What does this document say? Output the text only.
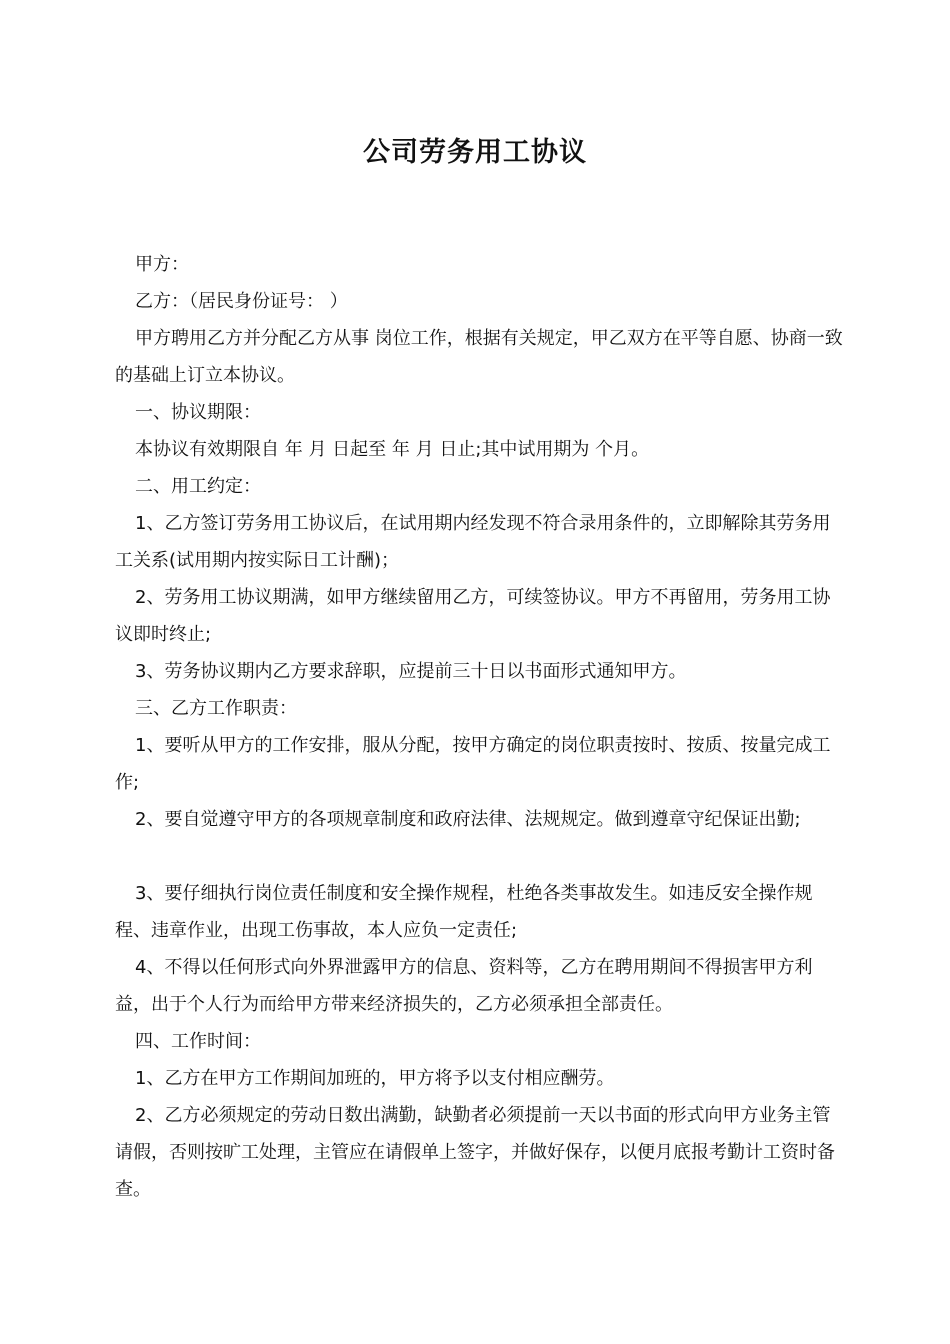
公司劳务用工协议

甲方：

乙方：（居民身份证号： ）

甲方聘用乙方并分配乙方从事 岗位工作，根据有关规定，甲乙双方在平等自愿、协商一致的基础上订立本协议。

一、协议期限：

本协议有效期限自 年 月 日起至 年 月 日止;其中试用期为 个月。

二、用工约定：

1、乙方签订劳务用工协议后，在试用期内经发现不符合录用条件的，立即解除其劳务用工关系(试用期内按实际日工计酬)；

2、劳务用工协议期满，如甲方继续留用乙方，可续签协议。甲方不再留用，劳务用工协议即时终止;

3、劳务协议期内乙方要求辞职，应提前三十日以书面形式通知甲方。

三、乙方工作职责：

1、要听从甲方的工作安排，服从分配，按甲方确定的岗位职责按时、按质、按量完成工作;

2、要自觉遵守甲方的各项规章制度和政府法律、法规规定。做到遵章守纪保证出勤;

3、要仔细执行岗位责任制度和安全操作规程，杜绝各类事故发生。如违反安全操作规程、违章作业，出现工伤事故，本人应负一定责任;

4、不得以任何形式向外界泄露甲方的信息、资料等，乙方在聘用期间不得损害甲方利益，出于个人行为而给甲方带来经济损失的，乙方必须承担全部责任。

四、工作时间：

1、乙方在甲方工作期间加班的，甲方将予以支付相应酬劳。

2、乙方必须规定的劳动日数出满勤，缺勤者必须提前一天以书面的形式向甲方业务主管请假，否则按旷工处理，主管应在请假单上签字，并做好保存，以便月底报考勤计工资时备查。
